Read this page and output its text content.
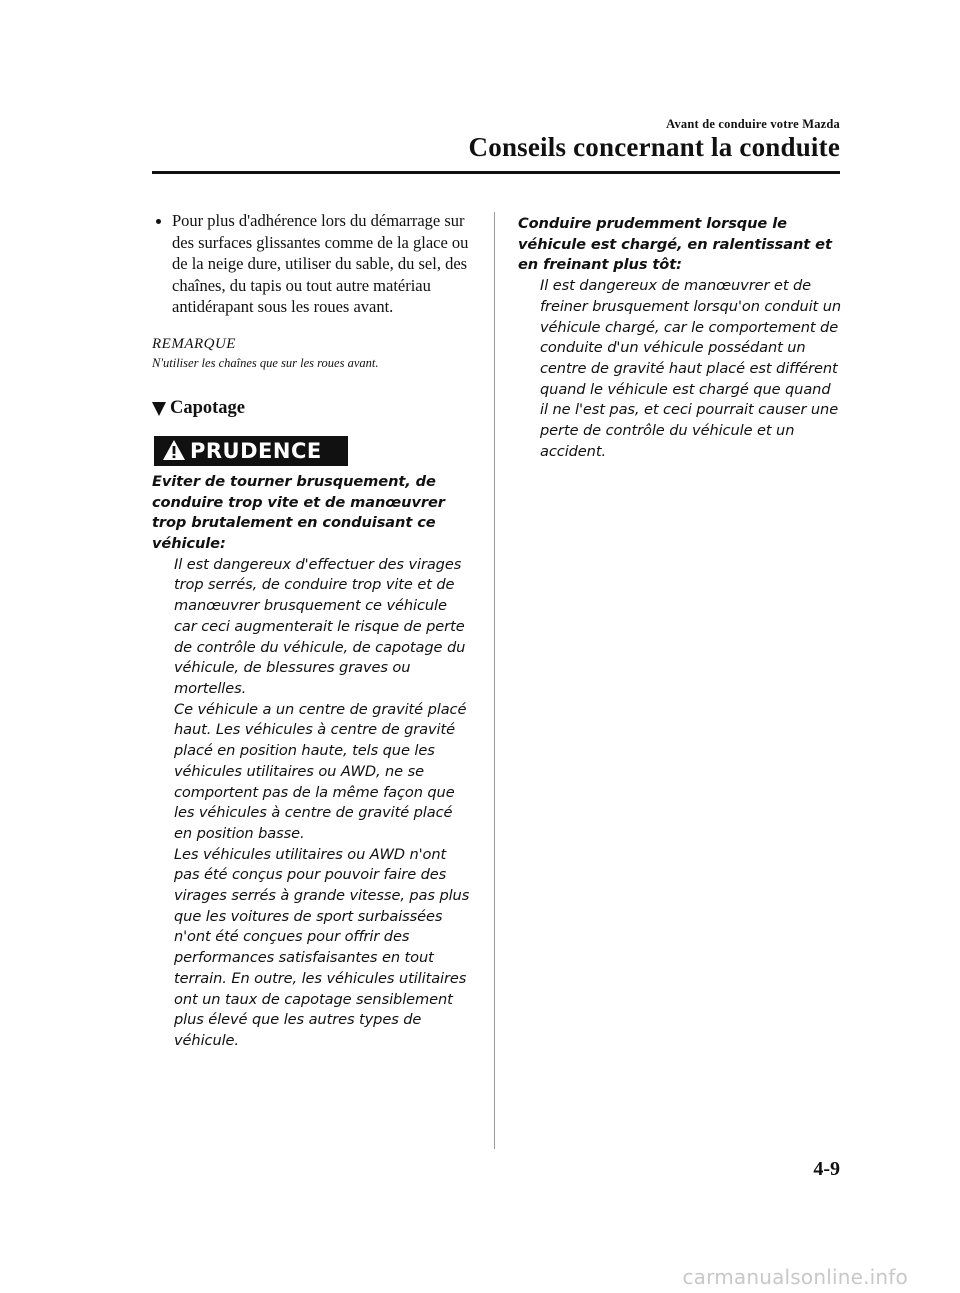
Avant de conduire votre Mazda
Conseils concernant la conduite
Pour plus d'adhérence lors du démarrage sur des surfaces glissantes comme de la glace ou de la neige dure, utiliser du sable, du sel, des chaînes, du tapis ou tout autre matériau antidérapant sous les roues avant.
REMARQUE
N'utiliser les chaînes que sur les roues avant.
Capotage
PRUDENCE
Eviter de tourner brusquement, de conduire trop vite et de manœuvrer trop brutalement en conduisant ce véhicule:

Il est dangereux d'effectuer des virages trop serrés, de conduire trop vite et de manœuvrer brusquement ce véhicule car ceci augmenterait le risque de perte de contrôle du véhicule, de capotage du véhicule, de blessures graves ou mortelles.

Ce véhicule a un centre de gravité placé haut. Les véhicules à centre de gravité placé en position haute, tels que les véhicules utilitaires ou AWD, ne se comportent pas de la même façon que les véhicules à centre de gravité placé en position basse.

Les véhicules utilitaires ou AWD n'ont pas été conçus pour pouvoir faire des virages serrés à grande vitesse, pas plus que les voitures de sport surbaissées n'ont été conçues pour offrir des performances satisfaisantes en tout terrain. En outre, les véhicules utilitaires ont un taux de capotage sensiblement plus élevé que les autres types de véhicule.

Conduire prudemment lorsque le véhicule est chargé, en ralentissant et en freinant plus tôt:

Il est dangereux de manœuvrer et de freiner brusquement lorsqu'on conduit un véhicule chargé, car le comportement de conduite d'un véhicule possédant un centre de gravité haut placé est différent quand le véhicule est chargé que quand il ne l'est pas, et ceci pourrait causer une perte de contrôle du véhicule et un accident.

4-9
carmanualsonline.info
